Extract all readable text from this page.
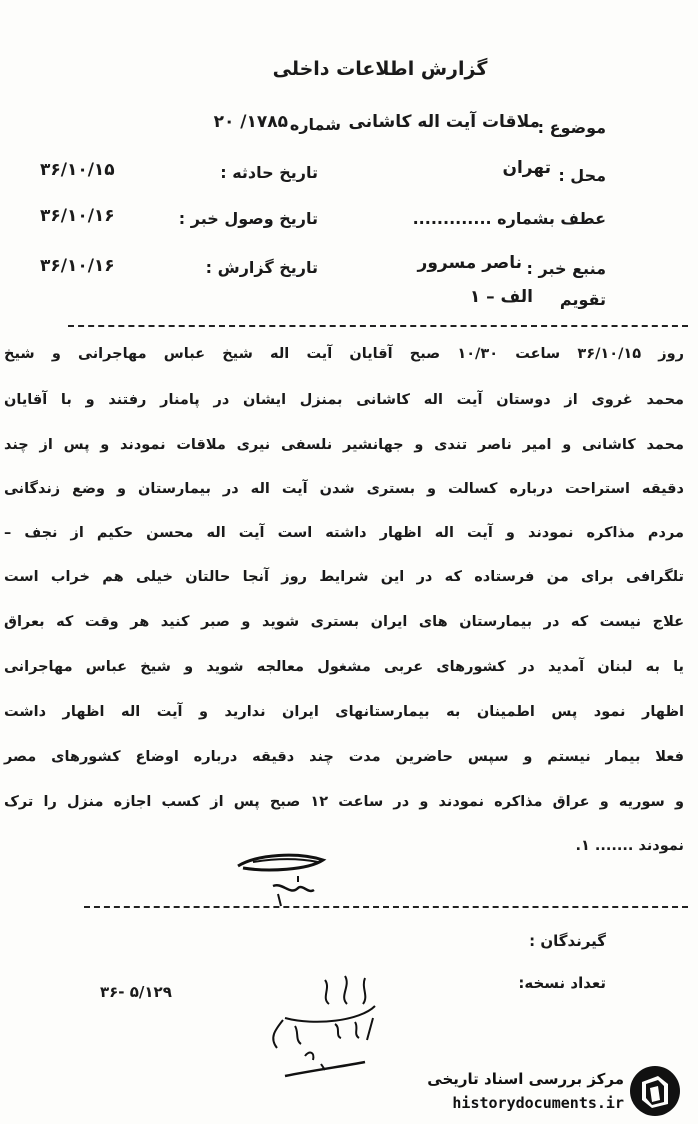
گزارش اطلاعات داخلی
موضوع :
ملاقات آیت اله کاشانی
شماره
۱۷۸۵/ ۲۰
محل :
تهران
تاریخ حادثه :
۳۶/۱۰/۱۵
عطف بشماره .............
تاریخ وصول خبر :
۳۶/۱۰/۱۶
منبع خبر :
ناصر مسرور
تاریخ گزارش :
۳۶/۱۰/۱۶
تقویم
الف – ۱
روز ۳۶/۱۰/۱۵ ساعت ۱۰/۳۰ صبح آقایان آیت اله شیخ عباس مهاجرانی و شیخ
محمد غروی از دوستان آیت اله کاشانی بمنزل ایشان در پامنار رفتند و با آقایان
محمد کاشانی و امیر ناصر تندی و جهانشیر نلسفی نیری ملاقات نمودند و پس از چند
دقیقه استراحت درباره کسالت و بستری شدن آیت اله در بیمارستان و وضع زندگانی
مردم مذاکره نمودند و آیت اله اظهار داشته است آیت اله محسن حکیم از نجف –
تلگرافی برای من فرستاده که در این شرایط روز آنجا حالتان خیلی هم خراب است
علاج نیست که در بیمارستان های ایران بستری شوید و صبر کنید هر وقت که بعراق
یا به لبنان آمدید در کشورهای عربی مشغول معالجه شوید و شیخ عباس مهاجرانی
اظهار نمود پس اطمینان به بیمارستانهای ایران ندارید و آیت اله اظهار داشت
فعلا بیمار نیستم و سپس حاضرین مدت چند دقیقه درباره اوضاع کشورهای مصر
و سوریه و عراق مذاکره نمودند و در ساعت ۱۲ صبح پس از کسب اجازه منزل را ترک
نمودند ....... ۱.
گیرندگان :
تعداد نسخه:
۳۶- ۵/۱۲۹
مرکز بررسی اسناد تاریخی
historydocuments.ir
